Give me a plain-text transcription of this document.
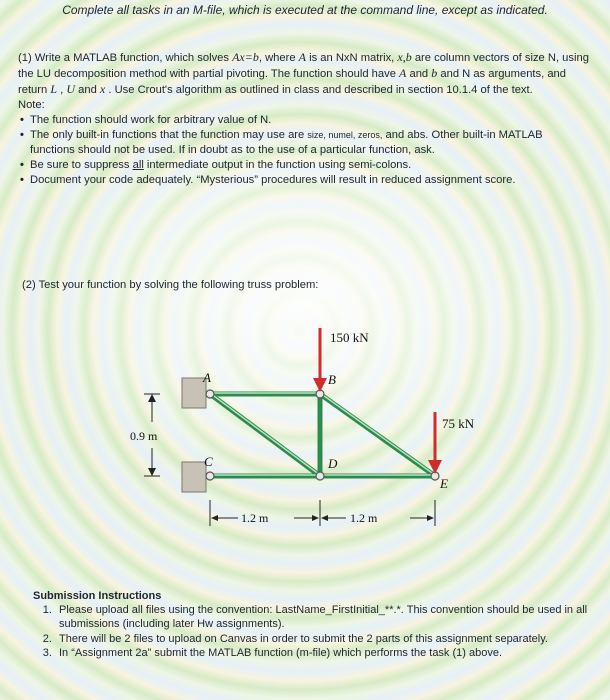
Complete all tasks in an M-file, which is executed at the command line, except as indicated.
(1) Write a MATLAB function, which solves Ax=b, where A is an NxN matrix, x,b are column vectors of size N, using the LU decomposition method with partial pivoting. The function should have A and b and N as arguments, and return L , U and x . Use Crout's algorithm as outlined in class and described in section 10.1.4 of the text.
Note:
• The function should work for arbitrary value of N.
• The only built-in functions that the function may use are size, numel, zeros, and abs. Other built-in MATLAB functions should not be used. If in doubt as to the use of a particular function, ask.
• Be sure to suppress all intermediate output in the function using semi-colons.
• Document your code adequately. “Mysterious” procedures will result in reduced assignment score.
(2) Test your function by solving the following truss problem:
150 kN
75 kN
A	B
C	D
E
0.9 m
1.2 m	1.2 m
Submission Instructions
1. Please upload all files using the convention: LastName_FirstInitial_**.*. This convention should be used in all submissions (including later Hw assignments).
2. There will be 2 files to upload on Canvas in order to submit the 2 parts of this assignment separately.
3. In “Assignment 2a” submit the MATLAB function (m-file) which performs the task (1) above.
